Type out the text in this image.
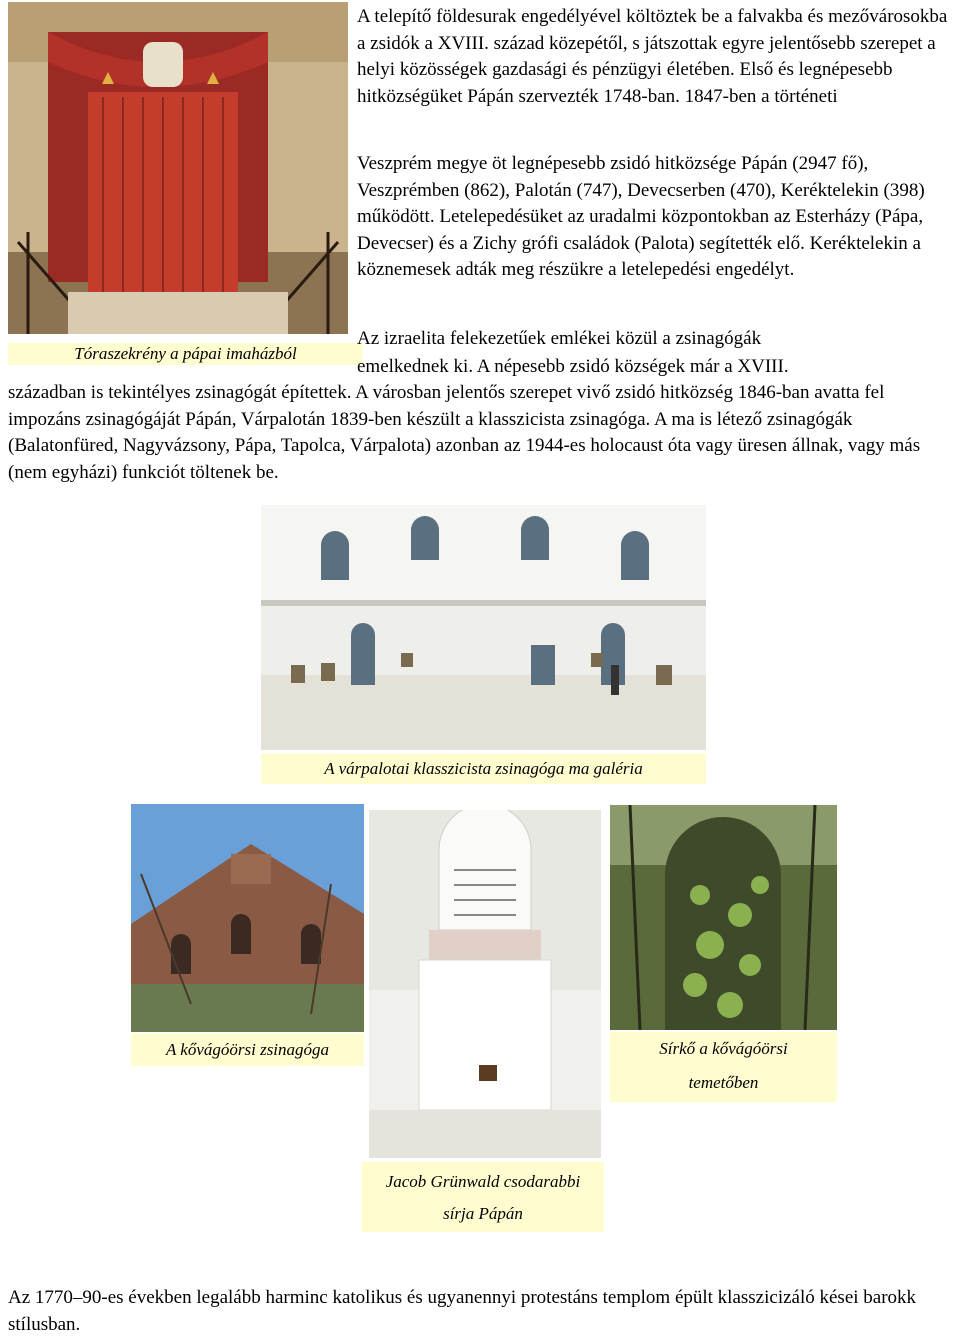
A telepítő földesurak engedélyével költöztek be a falvakba és mezővárosokba a zsidók a XVIII. század közepétől, s játszottak egyre jelentősebb szerepet a helyi közösségek gazdasági és pénzügyi életében. Első és legnépesebb hitközségüket Pápán szervezték 1748-ban. 1847-ben a történeti

Veszprém megye öt legnépesebb zsidó hitközsége Pápán (2947 fő), Veszprémben (862), Palotán (747), Devecserben (470), Keréktelekin (398) működött. Letelepedésüket az uradalmi központokban az Esterházy (Pápa, Devecser) és a Zichy grófi családok (Palota) segítették elő. Keréktelekin a köznemesek adták meg részükre a letelepedési engedélyt.

Tóraszekrény a pápai imaházból

Az izraelita felekezetűek emlékei közül a zsinagógák

emelkednek ki. A népesebb zsidó községek már a XVIII.

században is tekintélyes zsinagógát építettek. A városban jelentős szerepet vivő zsidó hitközség 1846-ban avatta fel impozáns zsinagógáját Pápán, Várpalotán 1839-ben készült a klasszicista zsinagóga. A ma is létező zsinagógák (Balatonfüred, Nagyvázsony, Pápa, Tapolca, Várpalota) azonban az 1944-es holocaust óta vagy üresen állnak, vagy más (nem egyházi) funkciót töltenek be.

A várpalotai klasszicista zsinagóga ma galéria
A kővágóörsi zsinagóga
Jacob Grünwald csodarabbi
sírja Pápán
Sírkő a kővágóörsi
temetőben

Az 1770–90-es években legalább harminc katolikus és ugyanennyi protestáns templom épült klasszicizáló kései barokk stílusban.
